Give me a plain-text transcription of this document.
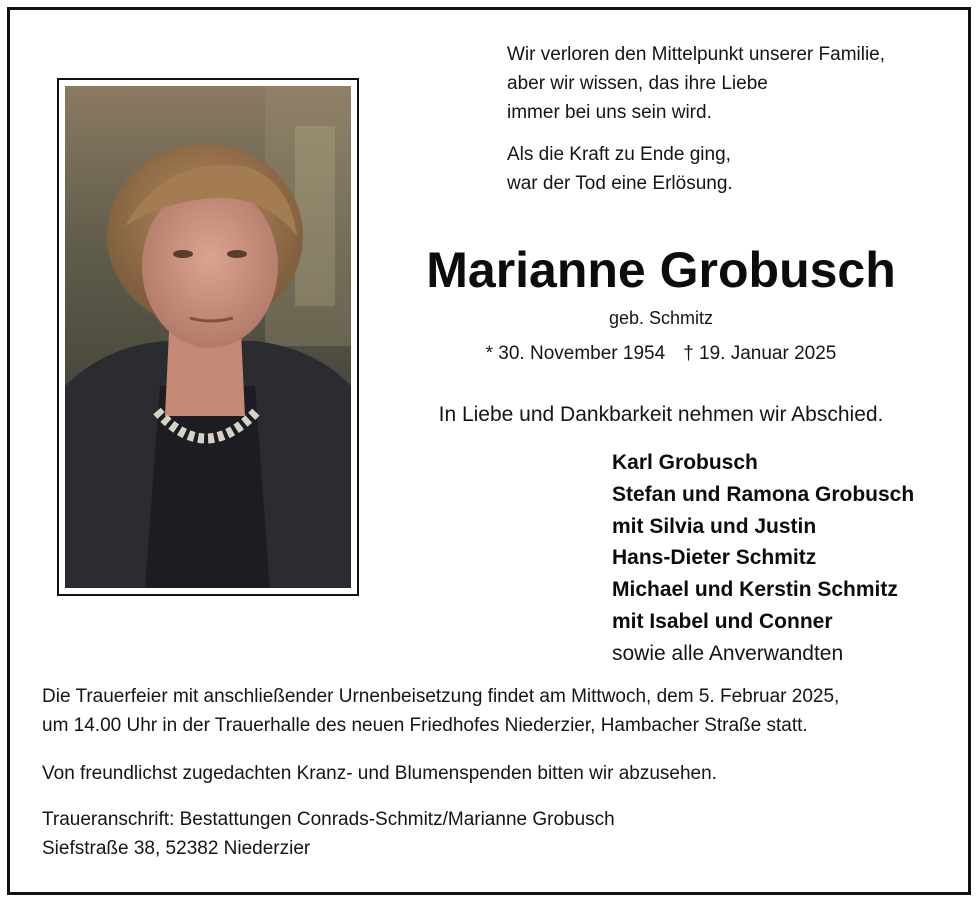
Wir verloren den Mittelpunkt unserer Familie,
aber wir wissen, das ihre Liebe
immer bei uns sein wird.
Als die Kraft zu Ende ging,
war der Tod eine Erlösung.
Marianne Grobusch
geb. Schmitz
* 30. November 1954 † 19. Januar 2025
In Liebe und Dankbarkeit nehmen wir Abschied.
Karl Grobusch
Stefan und Ramona Grobusch
mit Silvia und Justin
Hans-Dieter Schmitz
Michael und Kerstin Schmitz
mit Isabel und Conner
sowie alle Anverwandten
Die Trauerfeier mit anschließender Urnenbeisetzung findet am Mittwoch, dem 5. Februar 2025,
um 14.00 Uhr in der Trauerhalle des neuen Friedhofes Niederzier, Hambacher Straße statt.
Von freundlichst zugedachten Kranz- und Blumenspenden bitten wir abzusehen.
Traueranschrift: Bestattungen Conrads-Schmitz/Marianne Grobusch
Siefstraße 38, 52382 Niederzier
